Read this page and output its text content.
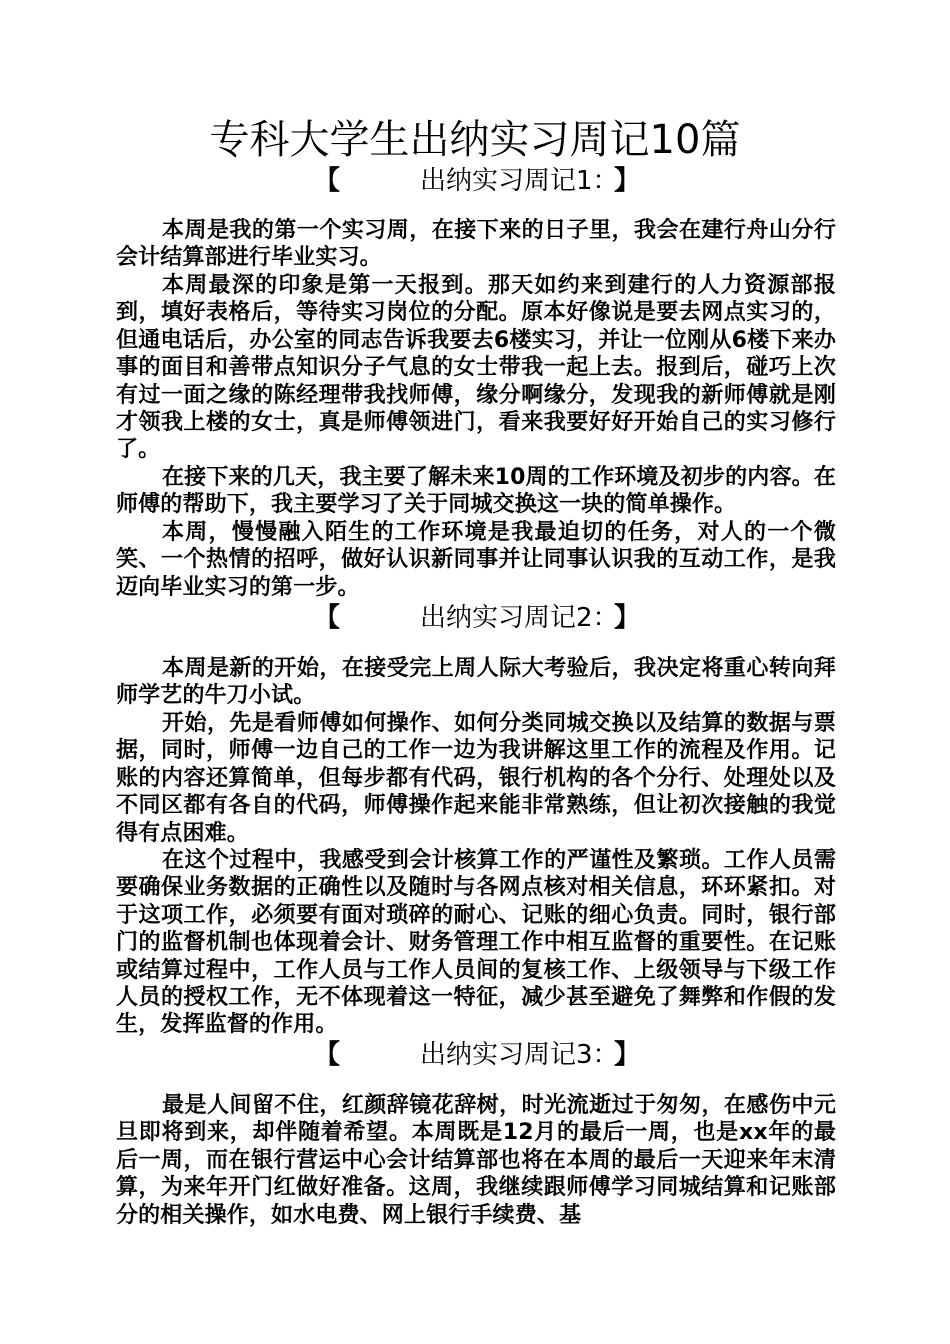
专科大学生出纳实习周记10篇
【	出纳实习周记1：
】

本周是我的第一个实习周，在接下来的日子里，我会在建行舟山分行会计结算部进行毕业实习。

本周最深的印象是第一天报到。那天如约来到建行的人力资源部报到，填好表格后，等待实习岗位的分配。原本好像说是要去网点实习的，但通电话后，办公室的同志告诉我要去6楼实习，并让一位刚从6楼下来办事的面目和善带点知识分子气息的女士带我一起上去。报到后，碰巧上次有过一面之缘的陈经理带我找师傅，缘分啊缘分，发现我的新师傅就是刚才领我上楼的女士，真是师傅领进门，看来我要好好开始自己的实习修行了。

在接下来的几天，我主要了解未来10周的工作环境及初步的内容。在师傅的帮助下，我主要学习了关于同城交换这一块的简单操作。

本周，慢慢融入陌生的工作环境是我最迫切的任务，对人的一个微笑、一个热情的招呼，做好认识新同事并让同事认识我的互动工作，是我迈向毕业实习的第一步。

【	出纳实习周记2：
】

本周是新的开始，在接受完上周人际大考验后，我决定将重心转向拜师学艺的牛刀小试。

开始，先是看师傅如何操作、如何分类同城交换以及结算的数据与票据，同时，师傅一边自己的工作一边为我讲解这里工作的流程及作用。记账的内容还算简单，但每步都有代码，银行机构的各个分行、处理处以及不同区都有各自的代码，师傅操作起来能非常熟练，但让初次接触的我觉得有点困难。

在这个过程中，我感受到会计核算工作的严谨性及繁琐。工作人员需要确保业务数据的正确性以及随时与各网点核对相关信息，环环紧扣。对于这项工作，必须要有面对琐碎的耐心、记账的细心负责。同时，银行部门的监督机制也体现着会计、财务管理工作中相互监督的重要性。在记账或结算过程中，工作人员与工作人员间的复核工作、上级领导与下级工作人员的授权工作，无不体现着这一特征，减少甚至避免了舞弊和作假的发生，发挥监督的作用。

【	出纳实习周记3：
】

最是人间留不住，红颜辞镜花辞树，时光流逝过于匆匆，在感伤中元旦即将到来，却伴随着希望。本周既是12月的最后一周，也是xx年的最后一周，而在银行营运中心会计结算部也将在本周的最后一天迎来年末清算，为来年开门红做好准备。这周，我继续跟师傅学习同城结算和记账部分的相关操作，如水电费、网上银行手续费、基
